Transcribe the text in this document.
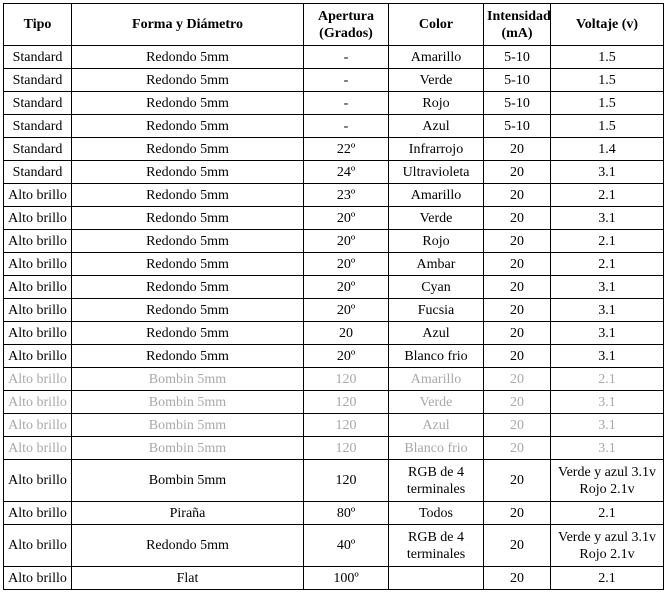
Tipo	Forma y Diámetro	Apertura (Grados)	Color	Intensidad (mA)	Voltaje (v)
Standard	Redondo 5mm	-	Amarillo	5-10	1.5
Standard	Redondo 5mm	-	Verde	5-10	1.5
Standard	Redondo 5mm	-	Rojo	5-10	1.5
Standard	Redondo 5mm	-	Azul	5-10	1.5
Standard	Redondo 5mm	22º	Infrarrojo	20	1.4
Standard	Redondo 5mm	24º	Ultravioleta	20	3.1
Alto brillo	Redondo 5mm	23º	Amarillo	20	2.1
Alto brillo	Redondo 5mm	20º	Verde	20	3.1
Alto brillo	Redondo 5mm	20º	Rojo	20	2.1
Alto brillo	Redondo 5mm	20º	Ambar	20	2.1
Alto brillo	Redondo 5mm	20º	Cyan	20	3.1
Alto brillo	Redondo 5mm	20º	Fucsia	20	3.1
Alto brillo	Redondo 5mm	20	Azul	20	3.1
Alto brillo	Redondo 5mm	20º	Blanco frio	20	3.1
Alto brillo	Bombin 5mm	120	Amarillo	20	2.1
Alto brillo	Bombin 5mm	120	Verde	20	3.1
Alto brillo	Bombin 5mm	120	Azul	20	3.1
Alto brillo	Bombin 5mm	120	Blanco frio	20	3.1
Alto brillo	Bombin 5mm	120	RGB de 4 terminales	20	Verde y azul 3.1v Rojo 2.1v
Alto brillo	Piraña	80º	Todos	20	2.1
Alto brillo	Redondo 5mm	40º	RGB de 4 terminales	20	Verde y azul 3.1v Rojo 2.1v
Alto brillo	Flat	100º		20	2.1
